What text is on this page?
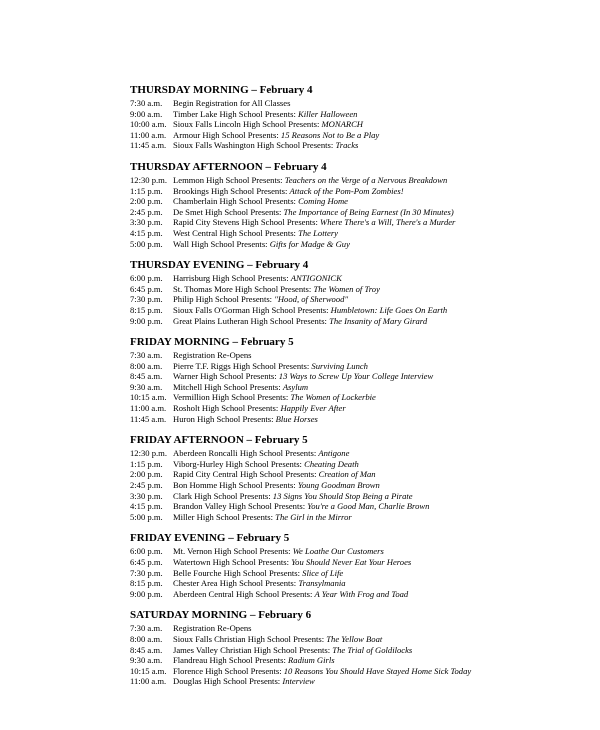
THURSDAY MORNING – February 4
7:30 a.m.	Begin Registration for All Classes
9:00 a.m.	Timber Lake High School Presents: Killer Halloween
10:00 a.m. Sioux Falls Lincoln High School Presents: MONARCH
11:00 a.m. Armour High School Presents: 15 Reasons Not to Be a Play
11:45 a.m. Sioux Falls Washington High School Presents: Tracks
THURSDAY AFTERNOON – February 4
12:30 p.m. Lemmon High School Presents: Teachers on the Verge of a Nervous Breakdown
1:15 p.m.	Brookings High School Presents: Attack of the Pom-Pom Zombies!
2:00 p.m.	Chamberlain High School Presents: Coming Home
2:45 p.m.	De Smet High School Presents: The Importance of Being Earnest (In 30 Minutes)
3:30 p.m.	Rapid City Stevens High School Presents: Where There's a Will, There's a Murder
4:15 p.m.	West Central High School Presents: The Lottery
5:00 p.m.	Wall High School Presents: Gifts for Madge & Guy
THURSDAY EVENING – February 4
6:00 p.m.	Harrisburg High School Presents: ANTIGONICK
6:45 p.m.	St. Thomas More High School Presents: The Women of Troy
7:30 p.m.	Philip High School Presents: "Hood, of Sherwood"
8:15 p.m.	Sioux Falls O'Gorman High School Presents: Humbletown: Life Goes On Earth
9:00 p.m.	Great Plains Lutheran High School Presents: The Insanity of Mary Girard
FRIDAY MORNING – February 5
7:30 a.m.	Registration Re-Opens
8:00 a.m.	Pierre T.F. Riggs High School Presents: Surviving Lunch
8:45 a.m.	Warner High School Presents: 13 Ways to Screw Up Your College Interview
9:30 a.m.	Mitchell High School Presents: Asylum
10:15 a.m. Vermillion High School Presents: The Women of Lockerbie
11:00 a.m. Rosholt High School Presents: Happily Ever After
11:45 a.m. Huron High School Presents: Blue Horses
FRIDAY AFTERNOON – February 5
12:30 p.m. Aberdeen Roncalli High School Presents: Antigone
1:15 p.m.	Viborg-Hurley High School Presents: Cheating Death
2:00 p.m.	Rapid City Central High School Presents: Creation of Man
2:45 p.m.	Bon Homme High School Presents: Young Goodman Brown
3:30 p.m.	Clark High School Presents: 13 Signs You Should Stop Being a Pirate
4:15 p.m.	Brandon Valley High School Presents: You're a Good Man, Charlie Brown
5:00 p.m.	Miller High School Presents: The Girl in the Mirror
FRIDAY EVENING – February 5
6:00 p.m.	Mt. Vernon High School Presents: We Loathe Our Customers
6:45 p.m.	Watertown High School Presents: You Should Never Eat Your Heroes
7:30 p.m.	Belle Fourche High School Presents: Slice of Life
8:15 p.m.	Chester Area High School Presents: Transylmania
9:00 p.m.	Aberdeen Central High School Presents: A Year With Frog and Toad
SATURDAY MORNING – February 6
7:30 a.m.	Registration Re-Opens
8:00 a.m.	Sioux Falls Christian High School Presents: The Yellow Boat
8:45 a.m.	James Valley Christian High School Presents: The Trial of Goldilocks
9:30 a.m.	Flandreau High School Presents: Radium Girls
10:15 a.m. Florence High School Presents: 10 Reasons You Should Have Stayed Home Sick Today
11:00 a.m. Douglas High School Presents: Interview
